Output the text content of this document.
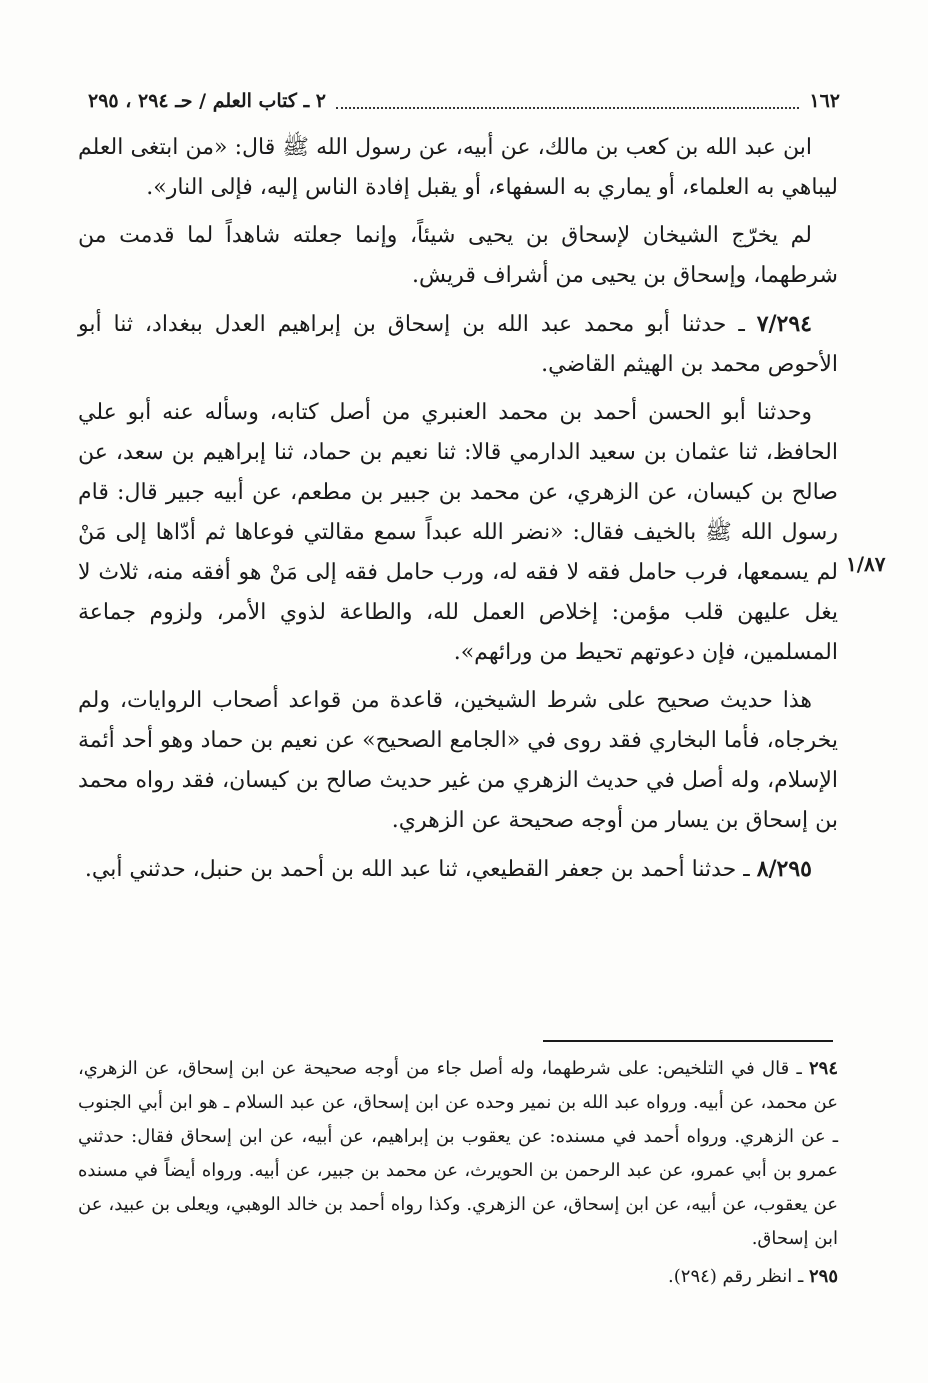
١٦٢
٢ ـ كتاب العلم / حـ ٢٩٤ ، ٢٩٥
١/٨٧

ابن عبد الله بن كعب بن مالك، عن أبيه، عن رسول الله ﷺ قال: «من ابتغى العلم ليباهي به العلماء، أو يماري به السفهاء، أو يقبل إفادة الناس إليه، فإلى النار».

لم يخرّج الشيخان لإسحاق بن يحيى شيئاً، وإنما جعلته شاهداً لما قدمت من شرطهما، وإسحاق بن يحيى من أشراف قريش.

٧/٢٩٤ ـ حدثنا أبو محمد عبد الله بن إسحاق بن إبراهيم العدل ببغداد، ثنا أبو الأحوص محمد بن الهيثم القاضي.

وحدثنا أبو الحسن أحمد بن محمد العنبري من أصل كتابه، وسأله عنه أبو علي الحافظ، ثنا عثمان بن سعيد الدارمي قالا: ثنا نعيم بن حماد، ثنا إبراهيم بن سعد، عن صالح بن كيسان، عن الزهري، عن محمد بن جبير بن مطعم، عن أبيه جبير قال: قام رسول الله ﷺ بالخيف فقال: «نضر الله عبداً سمع مقالتي فوعاها ثم أدّاها إلى مَنْ لم يسمعها، فرب حامل فقه لا فقه له، ورب حامل فقه إلى مَنْ هو أفقه منه، ثلاث لا يغل عليهن قلب مؤمن: إخلاص العمل لله، والطاعة لذوي الأمر، ولزوم جماعة المسلمين، فإن دعوتهم تحيط من ورائهم».

هذا حديث صحيح على شرط الشيخين، قاعدة من قواعد أصحاب الروايات، ولم يخرجاه، فأما البخاري فقد روى في «الجامع الصحيح» عن نعيم بن حماد وهو أحد أئمة الإسلام، وله أصل في حديث الزهري من غير حديث صالح بن كيسان، فقد رواه محمد بن إسحاق بن يسار من أوجه صحيحة عن الزهري.

٨/٢٩٥ ـ حدثنا أحمد بن جعفر القطيعي، ثنا عبد الله بن أحمد بن حنبل، حدثني أبي.

٢٩٤ ـ قال في التلخيص: على شرطهما، وله أصل جاء من أوجه صحيحة عن ابن إسحاق، عن الزهري، عن محمد، عن أبيه. ورواه عبد الله بن نمير وحده عن ابن إسحاق، عن عبد السلام ـ هو ابن أبي الجنوب ـ عن الزهري. ورواه أحمد في مسنده: عن يعقوب بن إبراهيم، عن أبيه، عن ابن إسحاق فقال: حدثني عمرو بن أبي عمرو، عن عبد الرحمن بن الحويرث، عن محمد بن جبير، عن أبيه. ورواه أيضاً في مسنده عن يعقوب، عن أبيه، عن ابن إسحاق، عن الزهري. وكذا رواه أحمد بن خالد الوهبي، ويعلى بن عبيد، عن ابن إسحاق.

٢٩٥ ـ انظر رقم (٢٩٤).
